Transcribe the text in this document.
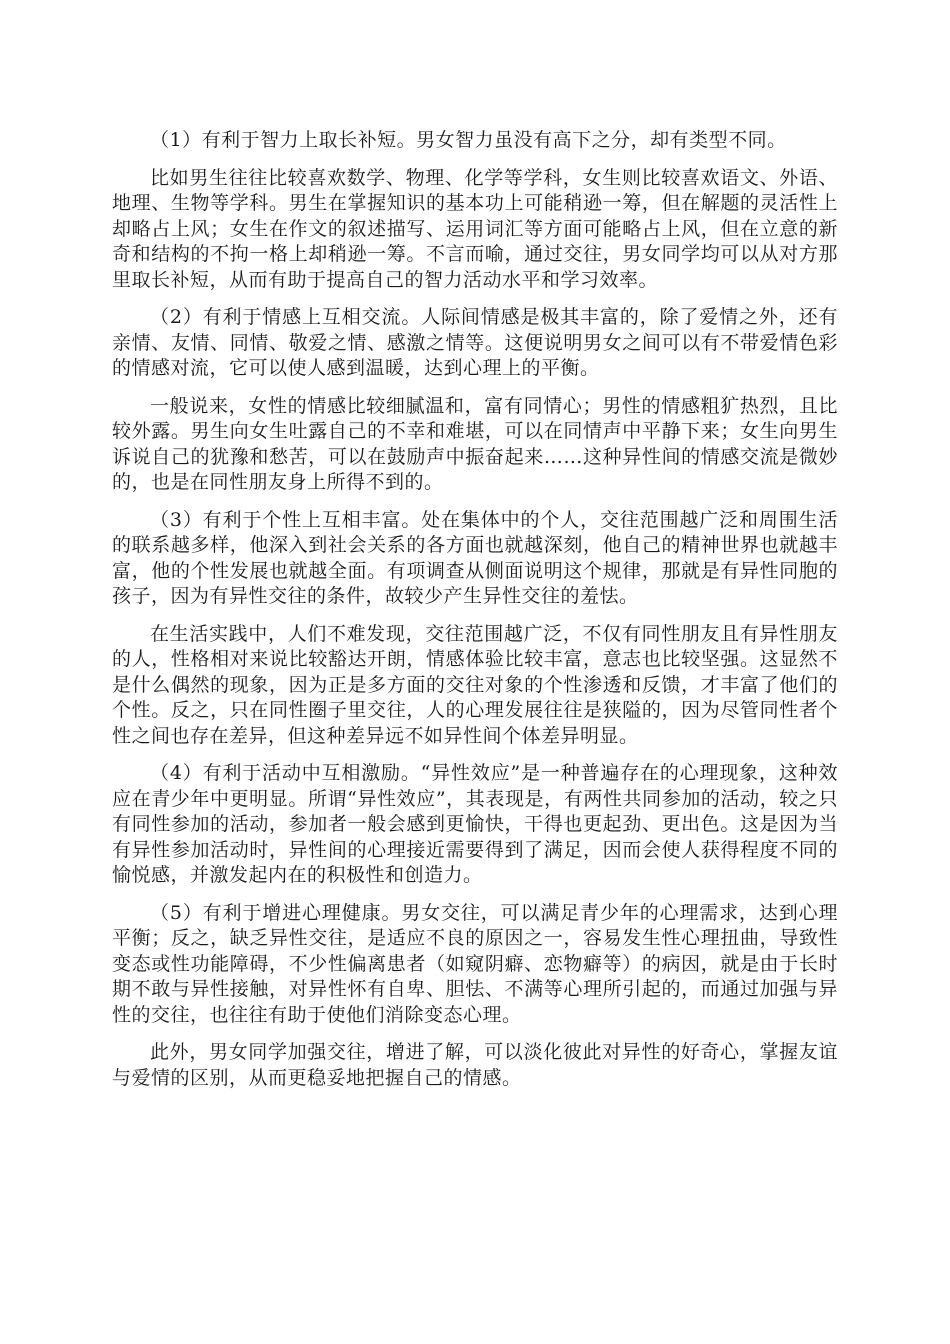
（1）有利于智力上取长补短。男女智力虽没有高下之分，却有类型不同。

比如男生往往比较喜欢数学、物理、化学等学科，女生则比较喜欢语文、外语、地理、生物等学科。男生在掌握知识的基本功上可能稍逊一筹，但在解题的灵活性上却略占上风；女生在作文的叙述描写、运用词汇等方面可能略占上风，但在立意的新奇和结构的不拘一格上却稍逊一筹。不言而喻，通过交往，男女同学均可以从对方那里取长补短，从而有助于提高自己的智力活动水平和学习效率。

（2）有利于情感上互相交流。人际间情感是极其丰富的，除了爱情之外，还有亲情、友情、同情、敬爱之情、感激之情等。这便说明男女之间可以有不带爱情色彩的情感对流，它可以使人感到温暖，达到心理上的平衡。

一般说来，女性的情感比较细腻温和，富有同情心；男性的情感粗犷热烈，且比较外露。男生向女生吐露自己的不幸和难堪，可以在同情声中平静下来；女生向男生诉说自己的犹豫和愁苦，可以在鼓励声中振奋起来……这种异性间的情感交流是微妙的，也是在同性朋友身上所得不到的。

（3）有利于个性上互相丰富。处在集体中的个人，交往范围越广泛和周围生活的联系越多样，他深入到社会关系的各方面也就越深刻，他自己的精神世界也就越丰富，他的个性发展也就越全面。有项调查从侧面说明这个规律，那就是有异性同胞的孩子，因为有异性交往的条件，故较少产生异性交往的羞怯。

在生活实践中，人们不难发现，交往范围越广泛，不仅有同性朋友且有异性朋友的人，性格相对来说比较豁达开朗，情感体验比较丰富，意志也比较坚强。这显然不是什么偶然的现象，因为正是多方面的交往对象的个性渗透和反馈，才丰富了他们的个性。反之，只在同性圈子里交往，人的心理发展往往是狭隘的，因为尽管同性者个性之间也存在差异，但这种差异远不如异性间个体差异明显。

（4）有利于活动中互相激励。“异性效应”是一种普遍存在的心理现象，这种效应在青少年中更明显。所谓“异性效应”，其表现是，有两性共同参加的活动，较之只有同性参加的活动，参加者一般会感到更愉快，干得也更起劲、更出色。这是因为当有异性参加活动时，异性间的心理接近需要得到了满足，因而会使人获得程度不同的愉悦感，并激发起内在的积极性和创造力。

（5）有利于增进心理健康。男女交往，可以满足青少年的心理需求，达到心理平衡；反之，缺乏异性交往，是适应不良的原因之一，容易发生性心理扭曲，导致性变态或性功能障碍，不少性偏离患者（如窥阴癖、恋物癖等）的病因，就是由于长时期不敢与异性接触，对异性怀有自卑、胆怯、不满等心理所引起的，而通过加强与异性的交往，也往往有助于使他们消除变态心理。

此外，男女同学加强交往，增进了解，可以淡化彼此对异性的好奇心，掌握友谊与爱情的区别，从而更稳妥地把握自己的情感。
